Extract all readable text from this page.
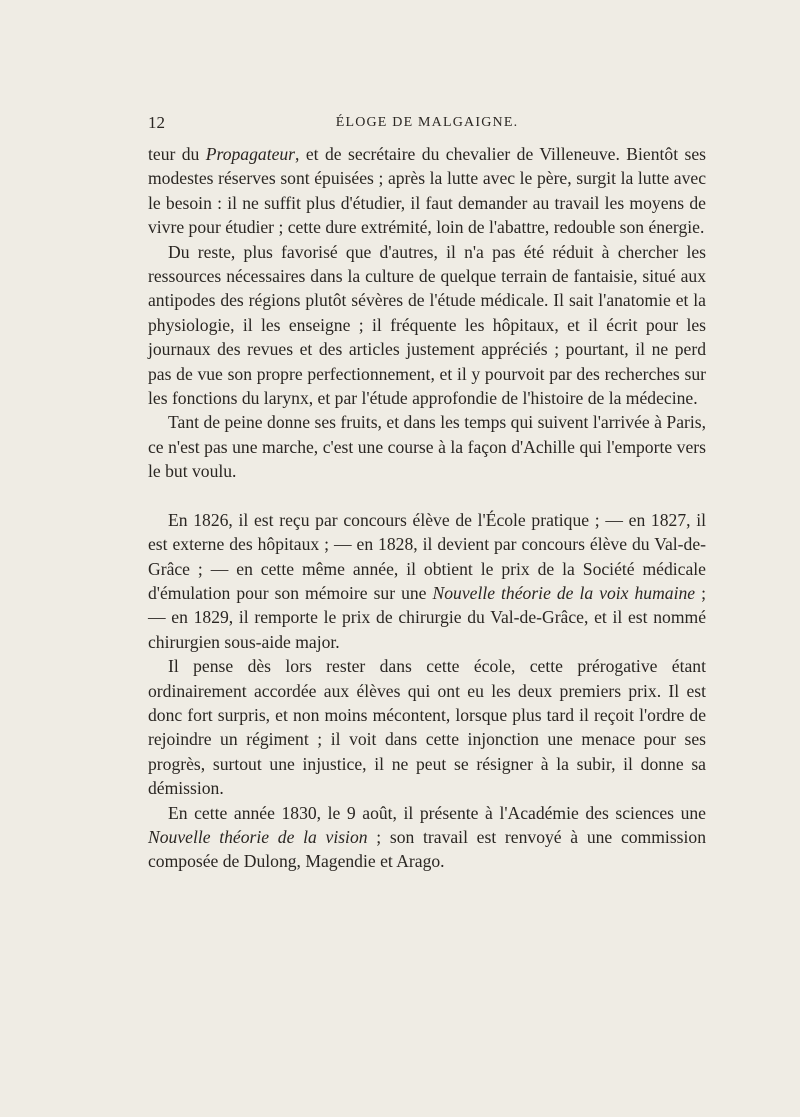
12	ÉLOGE DE MALGAIGNE.

teur du Propagateur, et de secrétaire du chevalier de Villeneuve. Bientôt ses modestes réserves sont épuisées ; après la lutte avec le père, surgit la lutte avec le besoin : il ne suffit plus d'étudier, il faut demander au travail les moyens de vivre pour étudier ; cette dure extrémité, loin de l'abattre, redouble son énergie.

Du reste, plus favorisé que d'autres, il n'a pas été réduit à chercher les ressources nécessaires dans la culture de quelque terrain de fantaisie, situé aux antipodes des régions plutôt sévères de l'étude médicale. Il sait l'anatomie et la physiologie, il les enseigne ; il fréquente les hôpitaux, et il écrit pour les journaux des revues et des articles justement appréciés ; pourtant, il ne perd pas de vue son propre perfectionnement, et il y pourvoit par des recherches sur les fonctions du larynx, et par l'étude approfondie de l'histoire de la médecine.

Tant de peine donne ses fruits, et dans les temps qui suivent l'arrivée à Paris, ce n'est pas une marche, c'est une course à la façon d'Achille qui l'emporte vers le but voulu.

En 1826, il est reçu par concours élève de l'École pratique ; — en 1827, il est externe des hôpitaux ; — en 1828, il devient par concours élève du Val-de-Grâce ; — en cette même année, il obtient le prix de la Société médicale d'émulation pour son mémoire sur une Nouvelle théorie de la voix humaine ; — en 1829, il remporte le prix de chirurgie du Val-de-Grâce, et il est nommé chirurgien sous-aide major.

Il pense dès lors rester dans cette école, cette prérogative étant ordinairement accordée aux élèves qui ont eu les deux premiers prix. Il est donc fort surpris, et non moins mécontent, lorsque plus tard il reçoit l'ordre de rejoindre un régiment ; il voit dans cette injonction une menace pour ses progrès, surtout une injustice, il ne peut se résigner à la subir, il donne sa démission.

En cette année 1830, le 9 août, il présente à l'Académie des sciences une Nouvelle théorie de la vision ; son travail est renvoyé à une commission composée de Dulong, Magendie et Arago.
